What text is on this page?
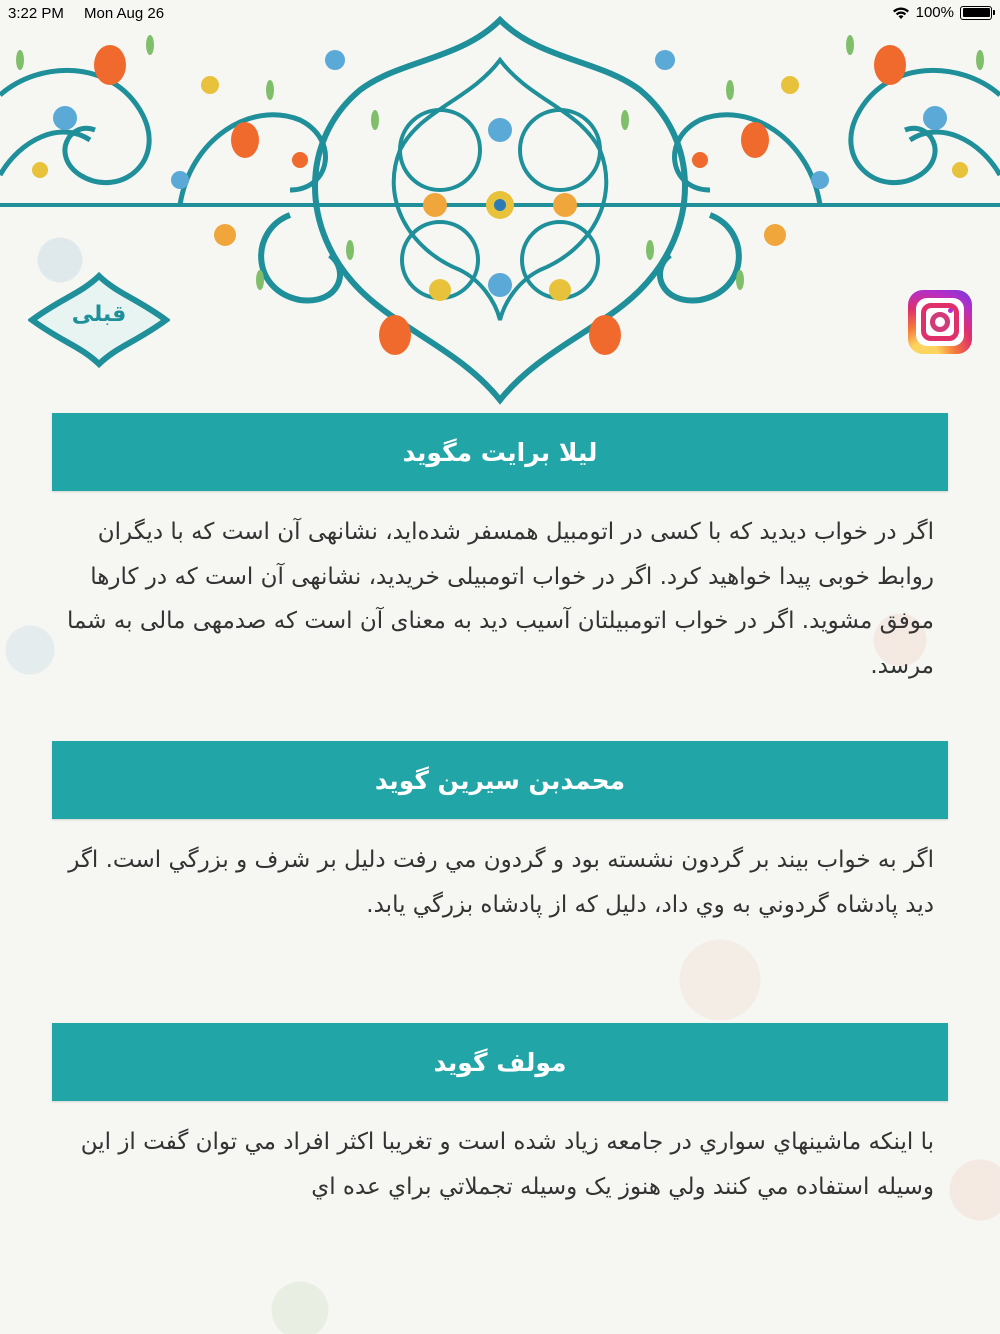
3:22 PM Mon Aug 26	100%
قبلی
لیلا برایت مگوید
اگر در خواب دیدید که با کسی در اتومبیل همسفر شده‌اید، نشانهی آن است که با دیگران روابط خوبی پیدا خواهید کرد. اگر در خواب اتومبیلی خریدید، نشانهی آن است که در کارها موفق مشوید. اگر در خواب اتومبیلتان آسیب دید به معنای آن است که صدمهی مالی به شما مرسد.
محمدبن سیرین گوید
اگر به خواب بیند بر گردون نشسته بود و گردون مي رفت دليل بر شرف و بزرگي است. اگر ديد پادشاه گردوني به وي داد، دليل كه از پادشاه بزرگي يابد.
مولف گوید
با اينكه ماشينهاي سواري در جامعه زياد شده است و تغريبا اكثر افراد مي توان گفت از اين وسيله استفاده مي كنند ولي هنوز يک وسيله تجملاتي براي عده اي
